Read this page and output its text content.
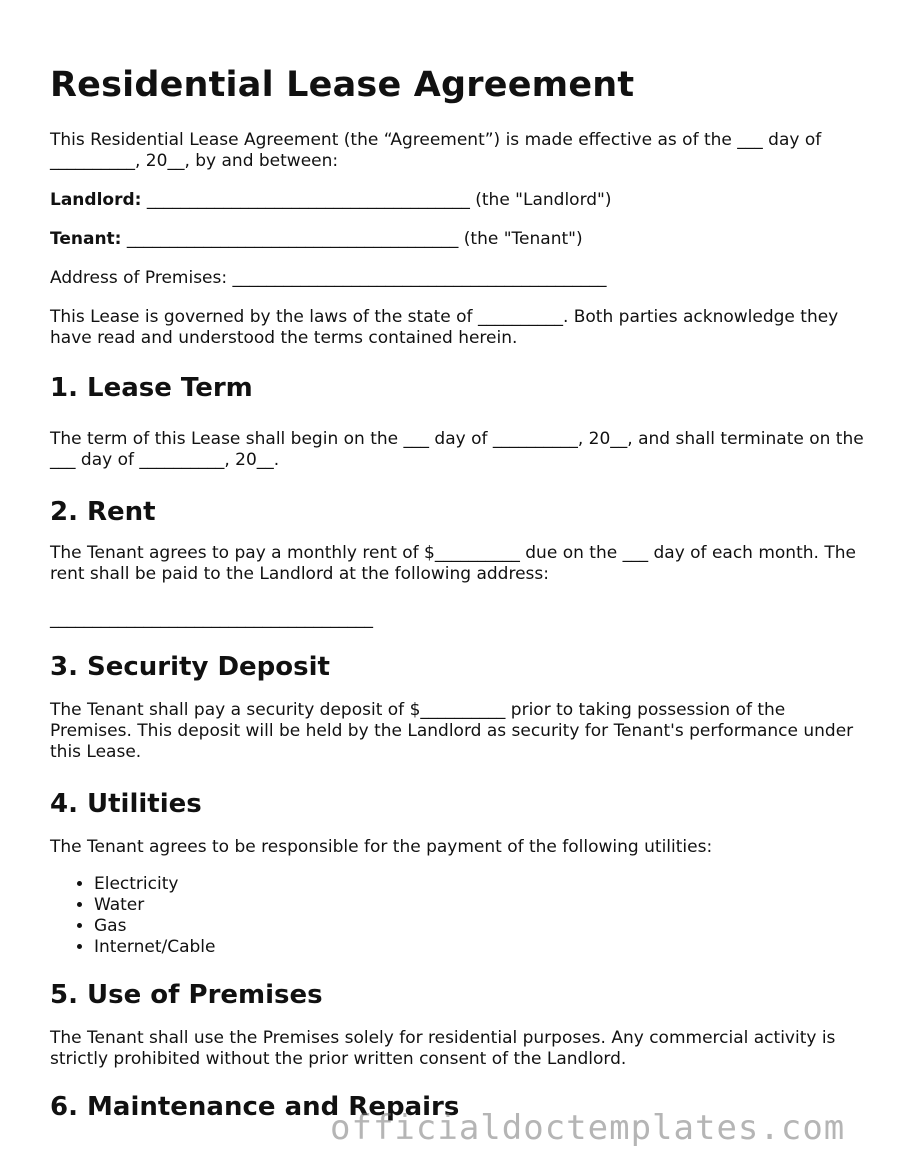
Residential Lease Agreement

This Residential Lease Agreement (the “Agreement”) is made effective as of the ___ day of __________, 20__, by and between:

Landlord: ______________________________________ (the "Landlord")

Tenant: _______________________________________ (the "Tenant")

Address of Premises: ____________________________________________

This Lease is governed by the laws of the state of __________. Both parties acknowledge they have read and understood the terms contained herein.

1. Lease Term

The term of this Lease shall begin on the ___ day of __________, 20__, and shall terminate on the ___ day of __________, 20__.

2. Rent

The Tenant agrees to pay a monthly rent of $__________ due on the ___ day of each month. The rent shall be paid to the Landlord at the following address:

______________________________________
3. Security Deposit

The Tenant shall pay a security deposit of $__________ prior to taking possession of the Premises. This deposit will be held by the Landlord as security for Tenant's performance under this Lease.

4. Utilities

The Tenant agrees to be responsible for the payment of the following utilities:

• Electricity
• Water
• Gas
• Internet/Cable
5. Use of Premises

The Tenant shall use the Premises solely for residential purposes. Any commercial activity is strictly prohibited without the prior written consent of the Landlord.

6. Maintenance and Repairs
officialdoctemplates.com
